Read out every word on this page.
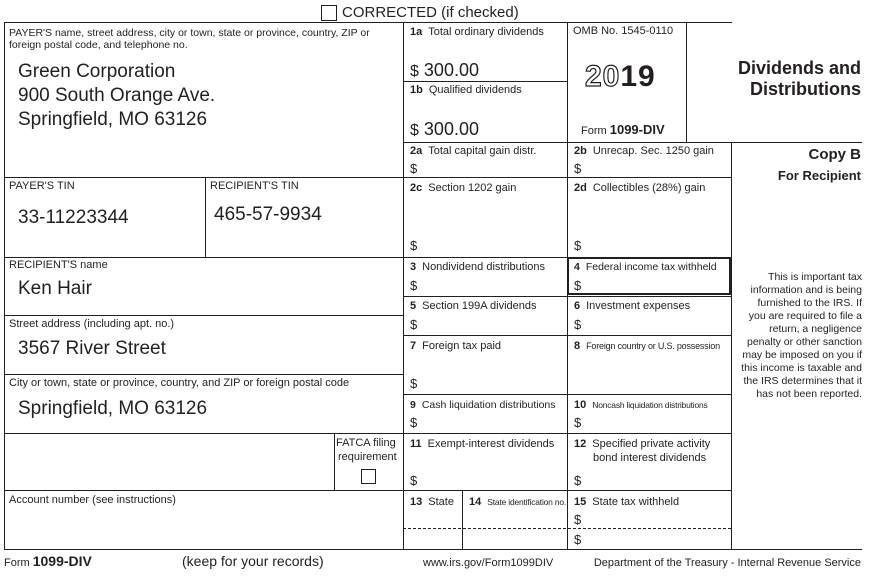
CORRECTED (if checked)
PAYER'S name, street address, city or town, state or province, country, ZIP or foreign postal code, and telephone no.
Green Corporation
900 South Orange Ave.
Springfield, MO 63126
PAYER'S TIN
33-11223344
RECIPIENT'S TIN
465-57-9934
RECIPIENT'S name
Ken Hair
Street address (including apt. no.)
3567 River Street
City or town, state or province, country, and ZIP or foreign postal code
Springfield, MO 63126
FATCA filing
requirement
Account number (see instructions)
1a Total ordinary dividends
$ 300.00
1b Qualified dividends
$ 300.00
OMB No. 1545-0110
2019
Form 1099-DIV
Dividends and
Distributions
Copy B
For Recipient
This is important tax information and is being furnished to the IRS. If you are required to file a return, a negligence penalty or other sanction may be imposed on you if this income is taxable and the IRS determines that it has not been reported.
2a Total capital gain distr.
$
2b Unrecap. Sec. 1250 gain
$
2c Section 1202 gain
$
2d Collectibles (28%) gain
$
3 Nondividend distributions
$
4 Federal income tax withheld
$
5 Section 199A dividends
$
6 Investment expenses
$
7 Foreign tax paid
$
8 Foreign country or U.S. possession
9 Cash liquidation distributions
$
10 Noncash liquidation distributions
$
11 Exempt-interest dividends
$
12 Specified private activity
bond interest dividends
$
13 State 14 State identification no. 15 State tax withheld
$
$
Form 1099-DIV	(keep for your records)	www.irs.gov/Form1099DIV	Department of the Treasury - Internal Revenue Service
